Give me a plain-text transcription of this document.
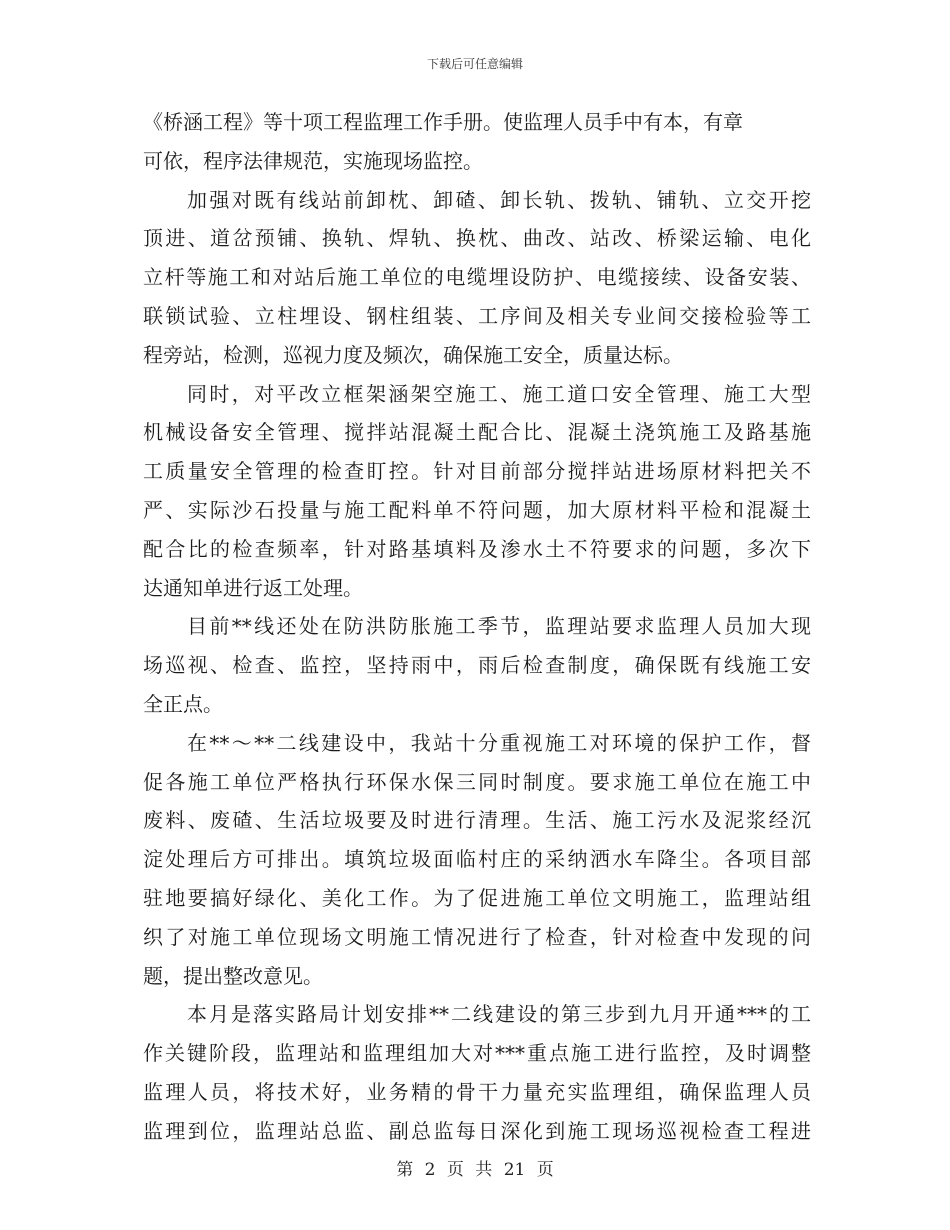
下载后可任意编辑
《桥涵工程》等十项工程监理工作手册。使监理人员手中有本，有章
可依，程序法律规范，实施现场监控。
加强对既有线站前卸枕、卸碴、卸长轨、拨轨、铺轨、立交开挖
顶进、道岔预铺、换轨、焊轨、换枕、曲改、站改、桥梁运输、电化
立杆等施工和对站后施工单位的电缆埋设防护、电缆接续、设备安装、
联锁试验、立柱埋设、钢柱组装、工序间及相关专业间交接检验等工
程旁站，检测，巡视力度及频次，确保施工安全，质量达标。
同时，对平改立框架涵架空施工、施工道口安全管理、施工大型
机械设备安全管理、搅拌站混凝土配合比、混凝土浇筑施工及路基施
工质量安全管理的检查盯控。针对目前部分搅拌站进场原材料把关不
严、实际沙石投量与施工配料单不符问题，加大原材料平检和混凝土
配合比的检查频率，针对路基填料及渗水土不符要求的问题，多次下
达通知单进行返工处理。
目前**线还处在防洪防胀施工季节，监理站要求监理人员加大现
场巡视、检查、监控，坚持雨中，雨后检查制度，确保既有线施工安
全正点。
在**～**二线建设中，我站十分重视施工对环境的保护工作，督
促各施工单位严格执行环保水保三同时制度。要求施工单位在施工中
废料、废碴、生活垃圾要及时进行清理。生活、施工污水及泥浆经沉
淀处理后方可排出。填筑垃圾面临村庄的采纳洒水车降尘。各项目部
驻地要搞好绿化、美化工作。为了促进施工单位文明施工，监理站组
织了对施工单位现场文明施工情况进行了检查，针对检查中发现的问
题，提出整改意见。
本月是落实路局计划安排**二线建设的第三步到九月开通***的工
作关键阶段，监理站和监理组加大对***重点施工进行监控，及时调整
监理人员，将技术好，业务精的骨干力量充实监理组，确保监理人员
监理到位，监理站总监、副总监每日深化到施工现场巡视检查工程进
第 2 页 共 21 页
